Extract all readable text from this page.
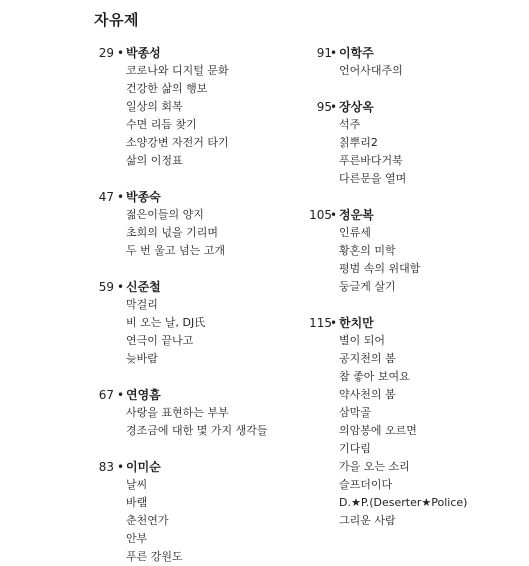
자유제
29 • 박종성
코로나와 디지털 문화
건강한 삶의 행보
일상의 회복
수면 리듬 찾기
소양강변 자전거 타기
삶의 이정표
47 • 박종숙
젊은이들의 양지
초희의 넋을 기리며
두 번 울고 넘는 고개
59 • 신준철
막걸리
비 오는 날, DJ氏
연극이 끝나고
늦바람
67 • 연영흠
사랑을 표현하는 부부
경조금에 대한 몇 가지 생각들
83 • 이미순
날씨
바램
춘천연가
안부
푸른 강원도
91
• 이학주
언어사대주의
95
• 장상옥
석주
칡뿌리2
푸른바다거북
다른문을 열며
105
• 정운복
인류세
황혼의 미학
평범 속의 위대함
둥글게 살기
115
• 한치만
별이 되어
공지천의 봄
참 좋아 보여요
약사천의 봄
삼막골
의암봉에 오르면
기다림
가을 오는 소리
슬프더이다
D.★P.(Deserter★Police)
그리운 사람
